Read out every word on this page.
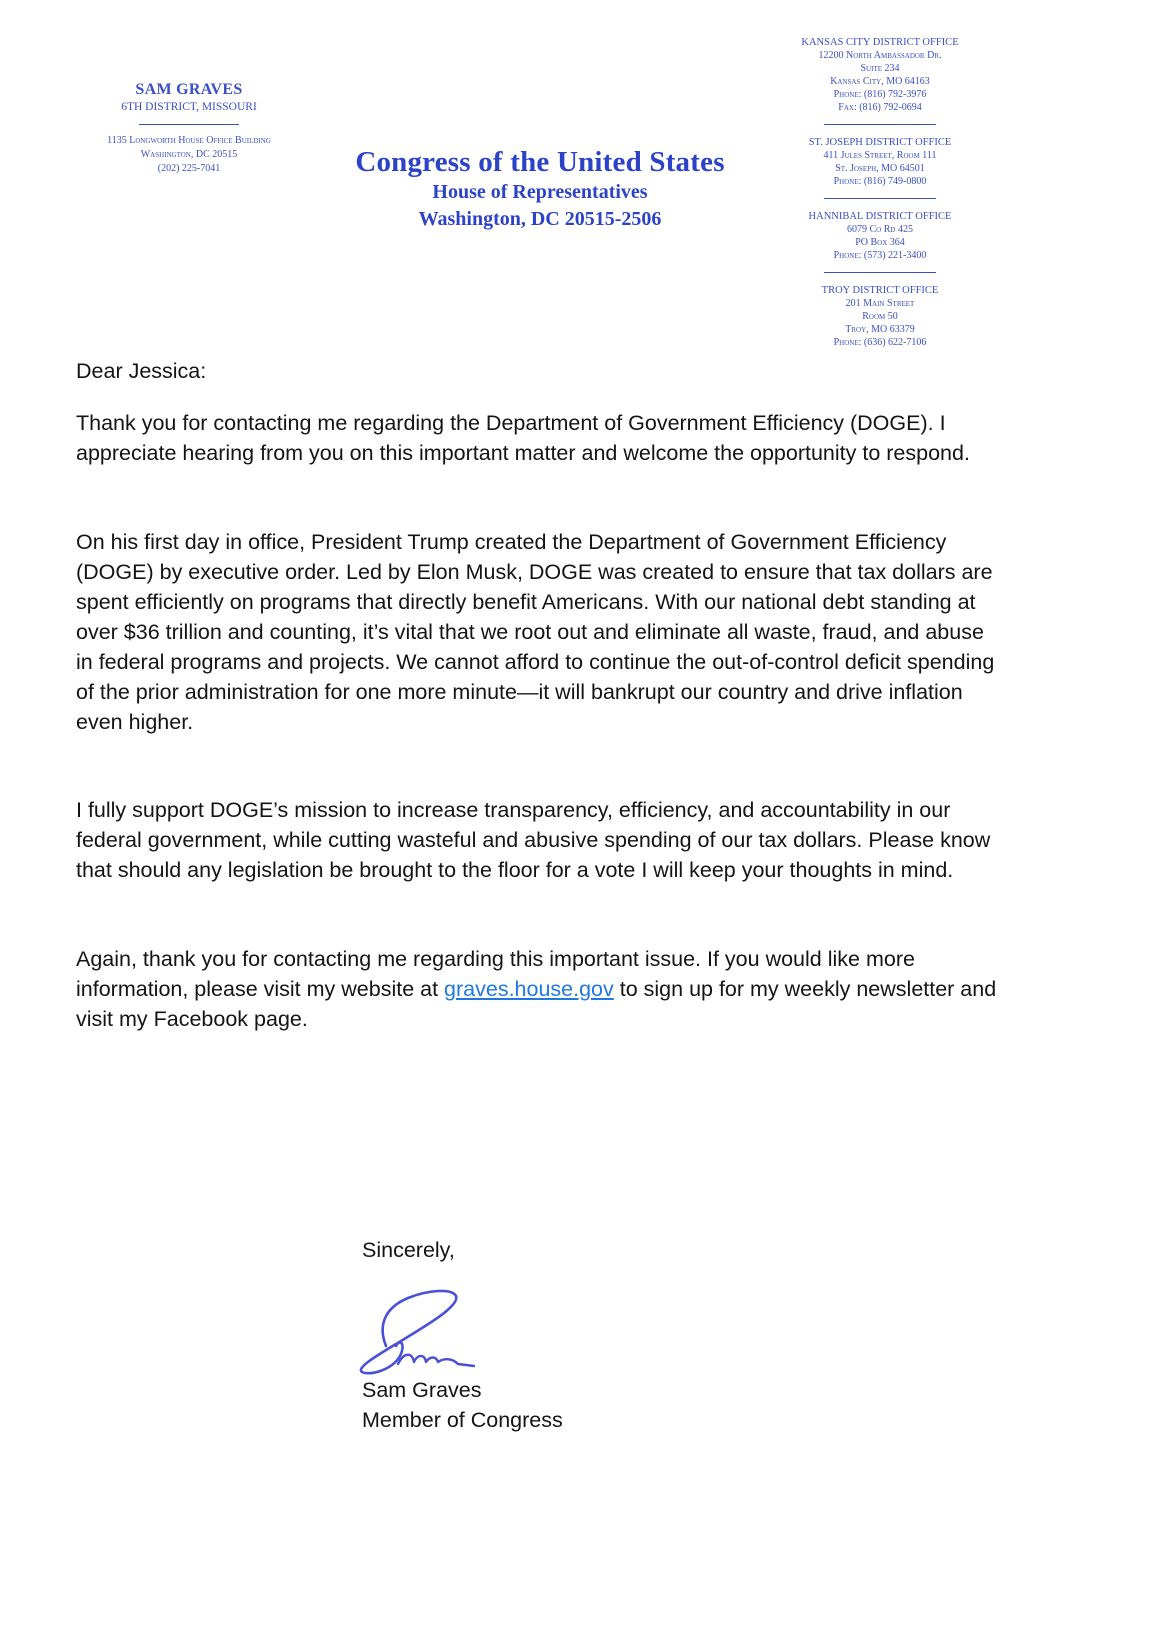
SAM GRAVES
6TH DISTRICT, MISSOURI
1135 Longworth House Office Building
Washington, DC 20515
(202) 225-7041	Congress of the United States
House of Representatives
Washington, DC 20515-2506
KANSAS CITY DISTRICT OFFICE
12200 North Ambassador Dr.
Suite 234
Kansas City, MO 64163
Phone: (816) 792-3976
Fax: (816) 792-0694
ST. JOSEPH DISTRICT OFFICE
411 Jules Street, Room 111
St. Joseph, MO 64501
Phone: (816) 749-0800
HANNIBAL DISTRICT OFFICE
6079 Co Rd 425
PO Box 364
Phone: (573) 221-3400
TROY DISTRICT OFFICE
201 Main Street
Room 50
Troy, MO 63379
Phone: (636) 622-7106

Dear Jessica:

Thank you for contacting me regarding the Department of Government Efficiency (DOGE). I appreciate hearing from you on this important matter and welcome the opportunity to respond.

On his first day in office, President Trump created the Department of Government Efficiency (DOGE) by executive order. Led by Elon Musk, DOGE was created to ensure that tax dollars are spent efficiently on programs that directly benefit Americans. With our national debt standing at over $36 trillion and counting, it’s vital that we root out and eliminate all waste, fraud, and abuse in federal programs and projects. We cannot afford to continue the out-of-control deficit spending of the prior administration for one more minute—it will bankrupt our country and drive inflation even higher.

I fully support DOGE’s mission to increase transparency, efficiency, and accountability in our federal government, while cutting wasteful and abusive spending of our tax dollars. Please know that should any legislation be brought to the floor for a vote I will keep your thoughts in mind.

Again, thank you for contacting me regarding this important issue. If you would like more information, please visit my website at graves.house.gov to sign up for my weekly newsletter and visit my Facebook page.

Sincerely,
Sam Graves
Member of Congress
